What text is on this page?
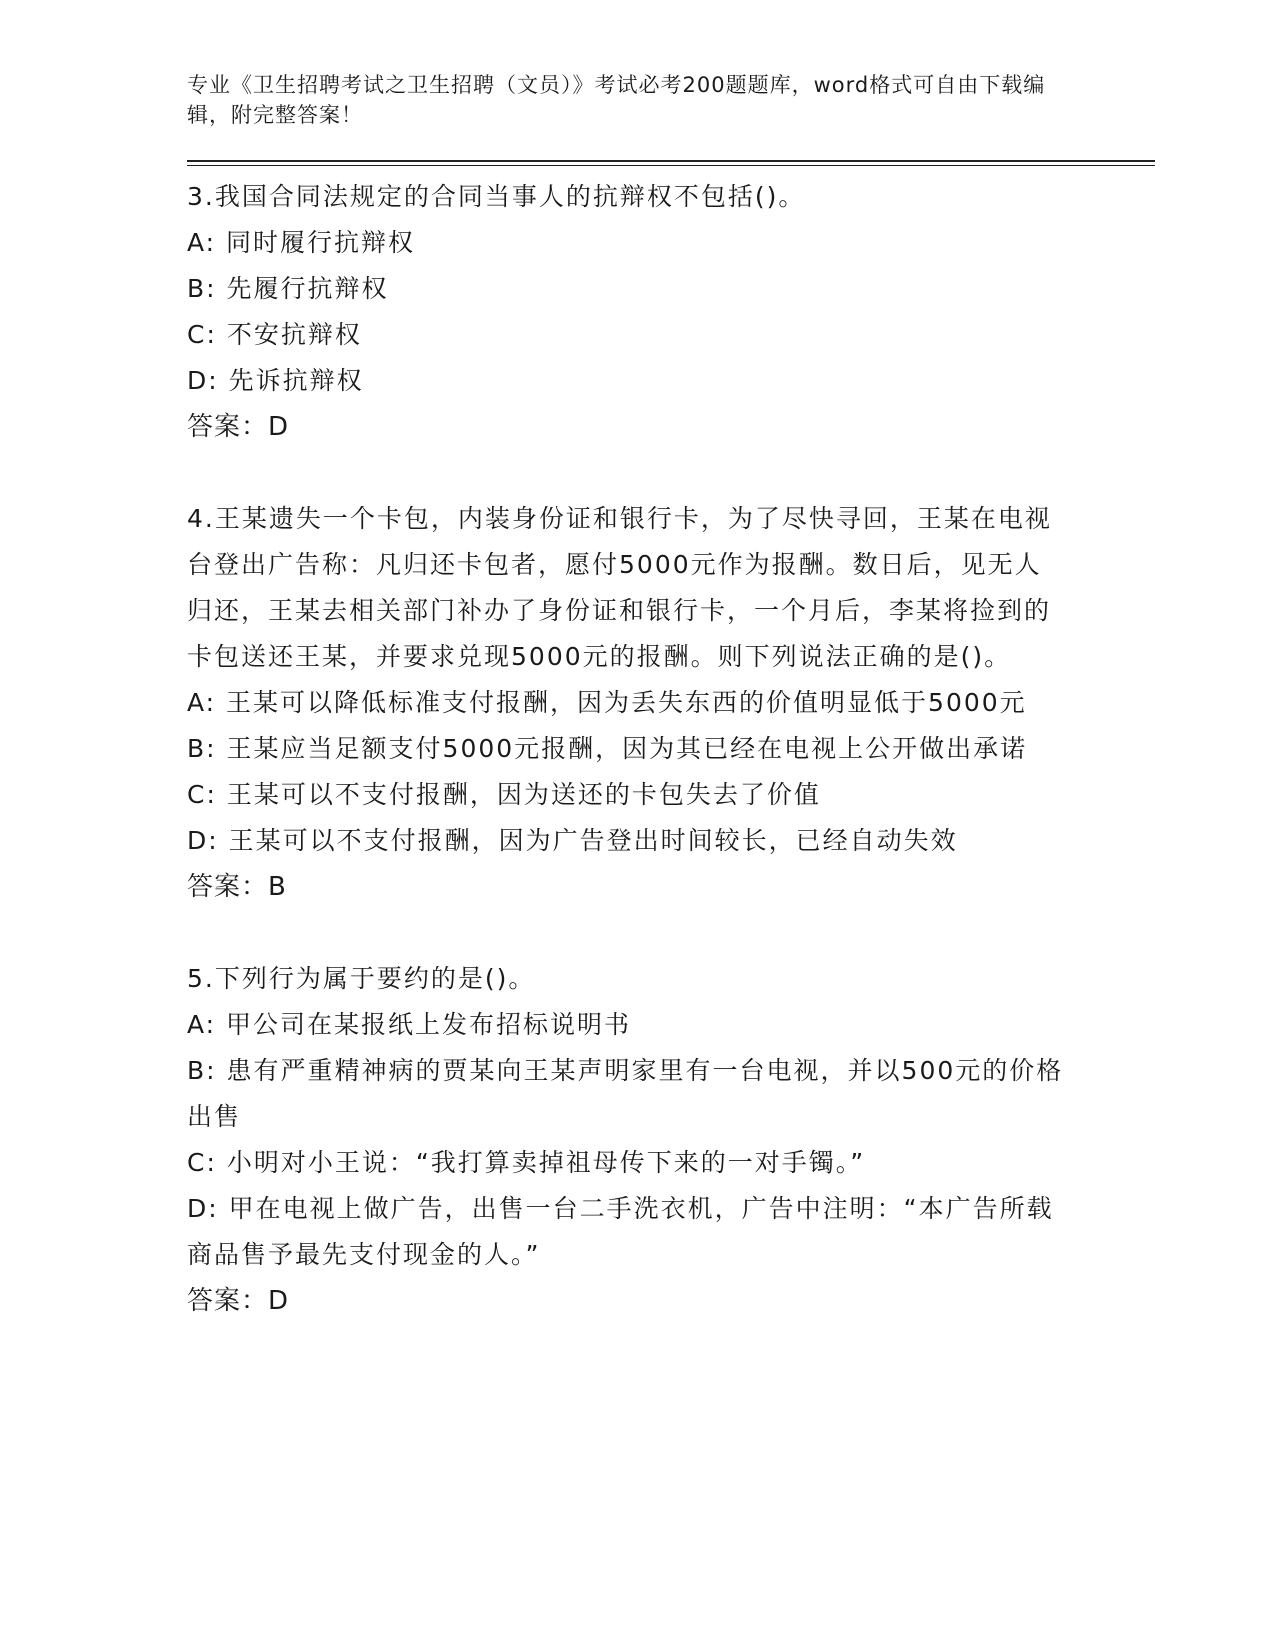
专业《卫生招聘考试之卫生招聘（文员）》考试必考200题题库，word格式可自由下载编辑，附完整答案！

3.我国合同法规定的合同当事人的抗辩权不包括()。

A: 同时履行抗辩权

B: 先履行抗辩权

C: 不安抗辩权

D: 先诉抗辩权

答案：D

4.王某遗失一个卡包，内装身份证和银行卡，为了尽快寻回，王某在电视台登出广告称：凡归还卡包者，愿付5000元作为报酬。数日后，见无人归还，王某去相关部门补办了身份证和银行卡，一个月后，李某将捡到的卡包送还王某，并要求兑现5000元的报酬。则下列说法正确的是()。

A: 王某可以降低标准支付报酬，因为丢失东西的价值明显低于5000元

B: 王某应当足额支付5000元报酬，因为其已经在电视上公开做出承诺

C: 王某可以不支付报酬，因为送还的卡包失去了价值

D: 王某可以不支付报酬，因为广告登出时间较长，已经自动失效

答案：B

5.下列行为属于要约的是()。

A: 甲公司在某报纸上发布招标说明书

B: 患有严重精神病的贾某向王某声明家里有一台电视，并以500元的价格出售

C: 小明对小王说：“我打算卖掉祖母传下来的一对手镯。”

D: 甲在电视上做广告，出售一台二手洗衣机，广告中注明：“本广告所载商品售予最先支付现金的人。”

答案：D
